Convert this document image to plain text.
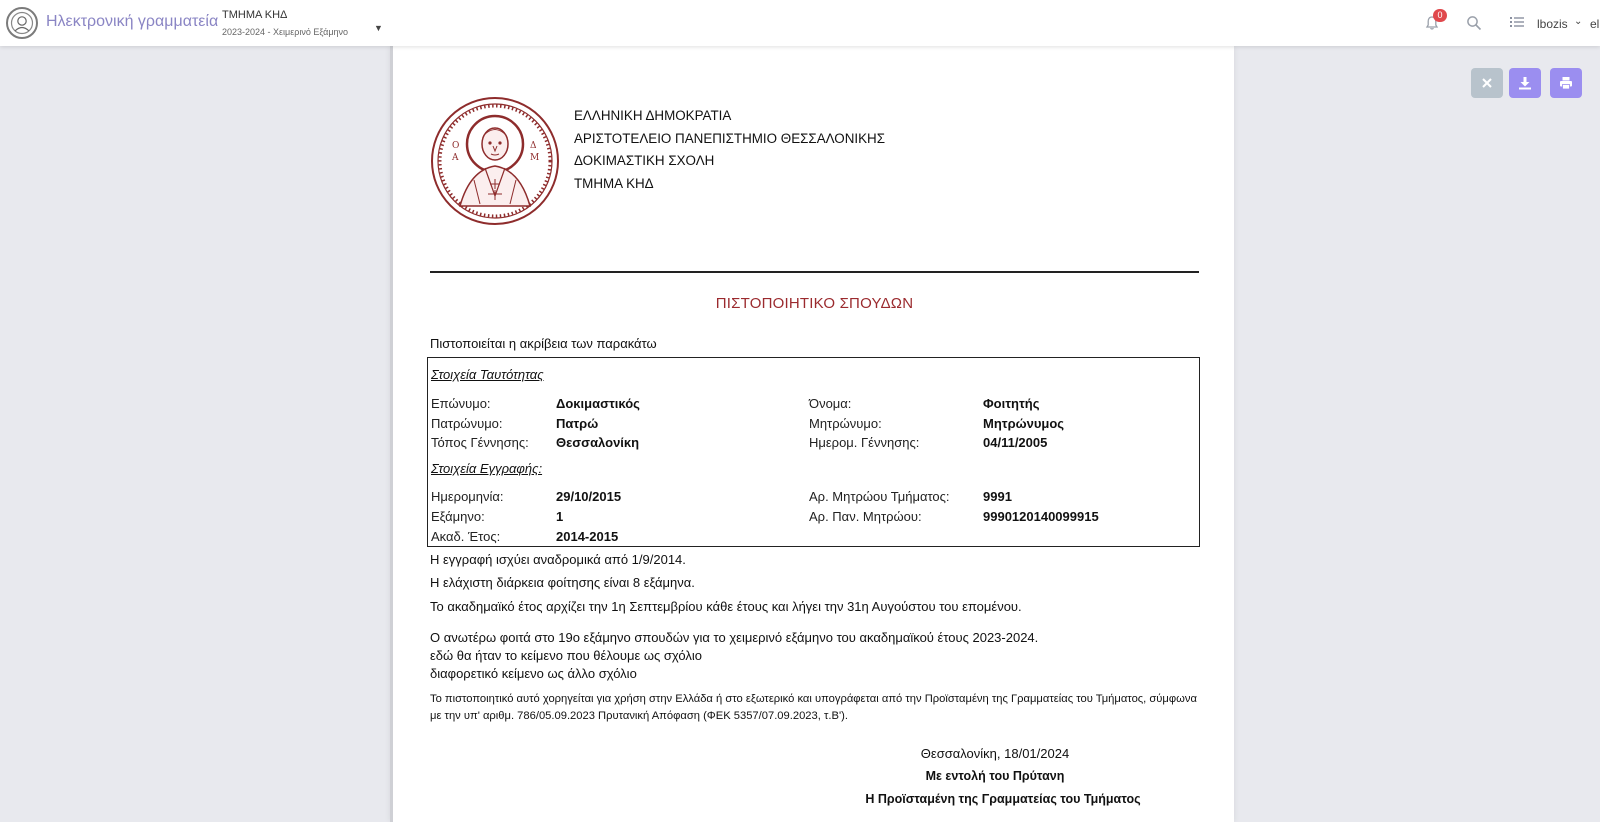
Ηλεκτρονική γραμματεία ΤΜΗΜΑ ΚΗΔ
2023-2024 - Χειμερινό Εξάμηνο	▼
0
lbozis ⌄ el
Ο
Α
Δ
Μ
ΕΛΛΗΝΙΚΗ ΔΗΜΟΚΡΑΤΙΑ
ΑΡΙΣΤΟΤΕΛΕΙΟ ΠΑΝΕΠΙΣΤΗΜΙΟ ΘΕΣΣΑΛΟΝΙΚΗΣ
ΔΟΚΙΜΑΣΤΙΚΗ ΣΧΟΛΗ
ΤΜΗΜΑ ΚΗΔ
ΠΙΣΤΟΠΟΙΗΤΙΚΟ ΣΠΟΥΔΩΝ
Πιστοποιείται η ακρίβεια των παρακάτω
Στοιχεία Ταυτότητας
Επώνυμο:	Δοκιμαστικός	Όνομα:	Φοιτητής
Πατρώνυμο:	Πατρώ	Μητρώνυμο:	Μητρώνυμος
Τόπος Γέννησης: Θεσσαλονίκη	Ημερομ. Γέννησης:	04/11/2005
Στοιχεία Εγγραφής:
Ημερομηνία:	29/10/2015	Αρ. Μητρώου Τμήματος:	9991
Εξάμηνο:	1	Αρ. Παν. Μητρώου:	9990120140099915
Ακαδ. Έτος:	2014-2015
Η εγγραφή ισχύει αναδρομικά από 1/9/2014.
Η ελάχιστη διάρκεια φοίτησης είναι 8 εξάμηνα.
Το ακαδημαϊκό έτος αρχίζει την 1η Σεπτεμβρίου κάθε έτους και λήγει την 31η Αυγούστου του επομένου.
Ο ανωτέρω φοιτά στο 19ο εξάμηνο σπουδών για το χειμερινό εξάμηνο του ακαδημαϊκού έτους 2023-2024.
εδώ θα ήταν το κείμενο που θέλουμε ως σχόλιο
διαφορετικό κείμενο ως άλλο σχόλιο
Το πιστοποιητικό αυτό χορηγείται για χρήση στην Ελλάδα ή στο εξωτερικό και υπογράφεται από την Προϊσταμένη της Γραμματείας του Τμήματος, σύμφωνα με την υπ' αριθμ. 786/05.09.2023 Πρυτανική Απόφαση (ΦΕΚ 5357/07.09.2023, τ.Β').
Θεσσαλονίκη, 18/01/2024
Με εντολή του Πρύτανη
Η Προϊσταμένη της Γραμματείας του Τμήματος
